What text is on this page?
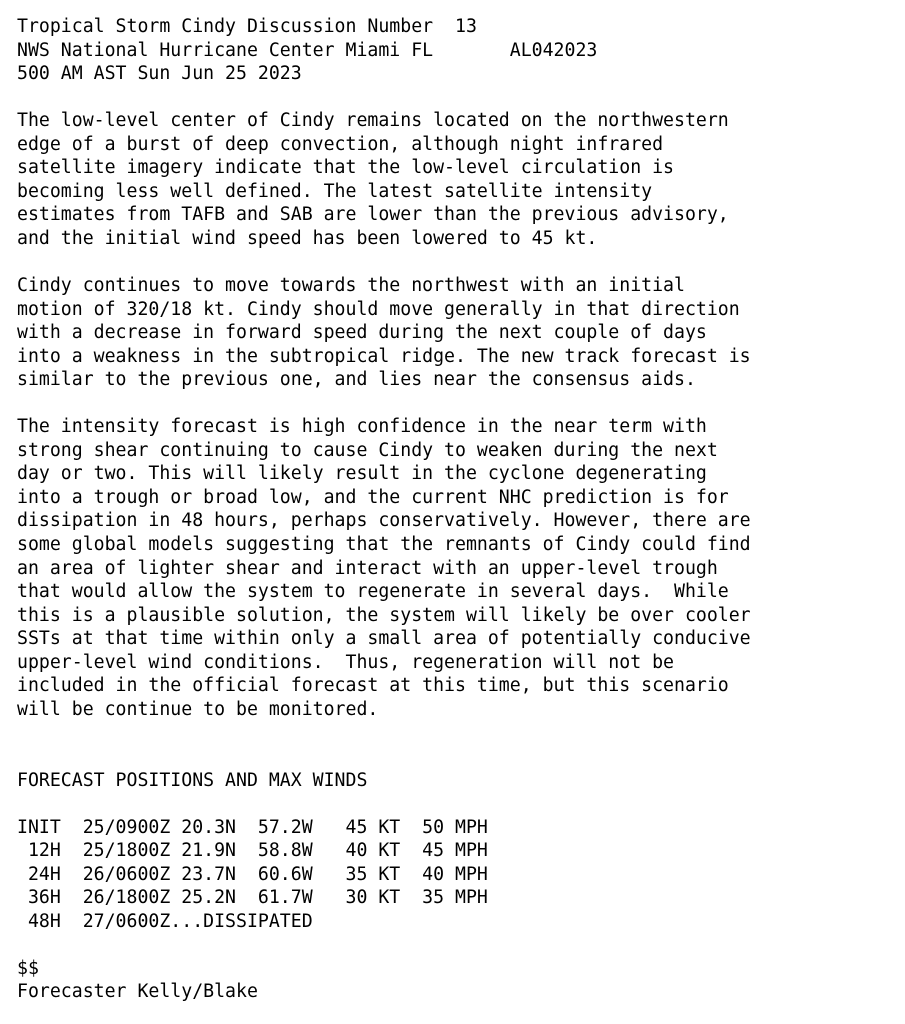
Tropical Storm Cindy Discussion Number  13
NWS National Hurricane Center Miami FL       AL042023
500 AM AST Sun Jun 25 2023
The low-level center of Cindy remains located on the northwestern
edge of a burst of deep convection, although night infrared
satellite imagery indicate that the low-level circulation is
becoming less well defined. The latest satellite intensity
estimates from TAFB and SAB are lower than the previous advisory,
and the initial wind speed has been lowered to 45 kt.
Cindy continues to move towards the northwest with an initial
motion of 320/18 kt. Cindy should move generally in that direction
with a decrease in forward speed during the next couple of days
into a weakness in the subtropical ridge. The new track forecast is
similar to the previous one, and lies near the consensus aids.
The intensity forecast is high confidence in the near term with
strong shear continuing to cause Cindy to weaken during the next
day or two. This will likely result in the cyclone degenerating
into a trough or broad low, and the current NHC prediction is for
dissipation in 48 hours, perhaps conservatively. However, there are
some global models suggesting that the remnants of Cindy could find
an area of lighter shear and interact with an upper-level trough
that would allow the system to regenerate in several days.  While
this is a plausible solution, the system will likely be over cooler
SSTs at that time within only a small area of potentially conducive
upper-level wind conditions.  Thus, regeneration will not be
included in the official forecast at this time, but this scenario
will be continue to be monitored.
FORECAST POSITIONS AND MAX WINDS
INIT  25/0900Z 20.3N  57.2W   45 KT  50 MPH
12H  25/1800Z 21.9N  58.8W   40 KT  45 MPH
24H  26/0600Z 23.7N  60.6W   35 KT  40 MPH
36H  26/1800Z 25.2N  61.7W   30 KT  35 MPH
48H  27/0600Z...DISSIPATED
$$
Forecaster Kelly/Blake
